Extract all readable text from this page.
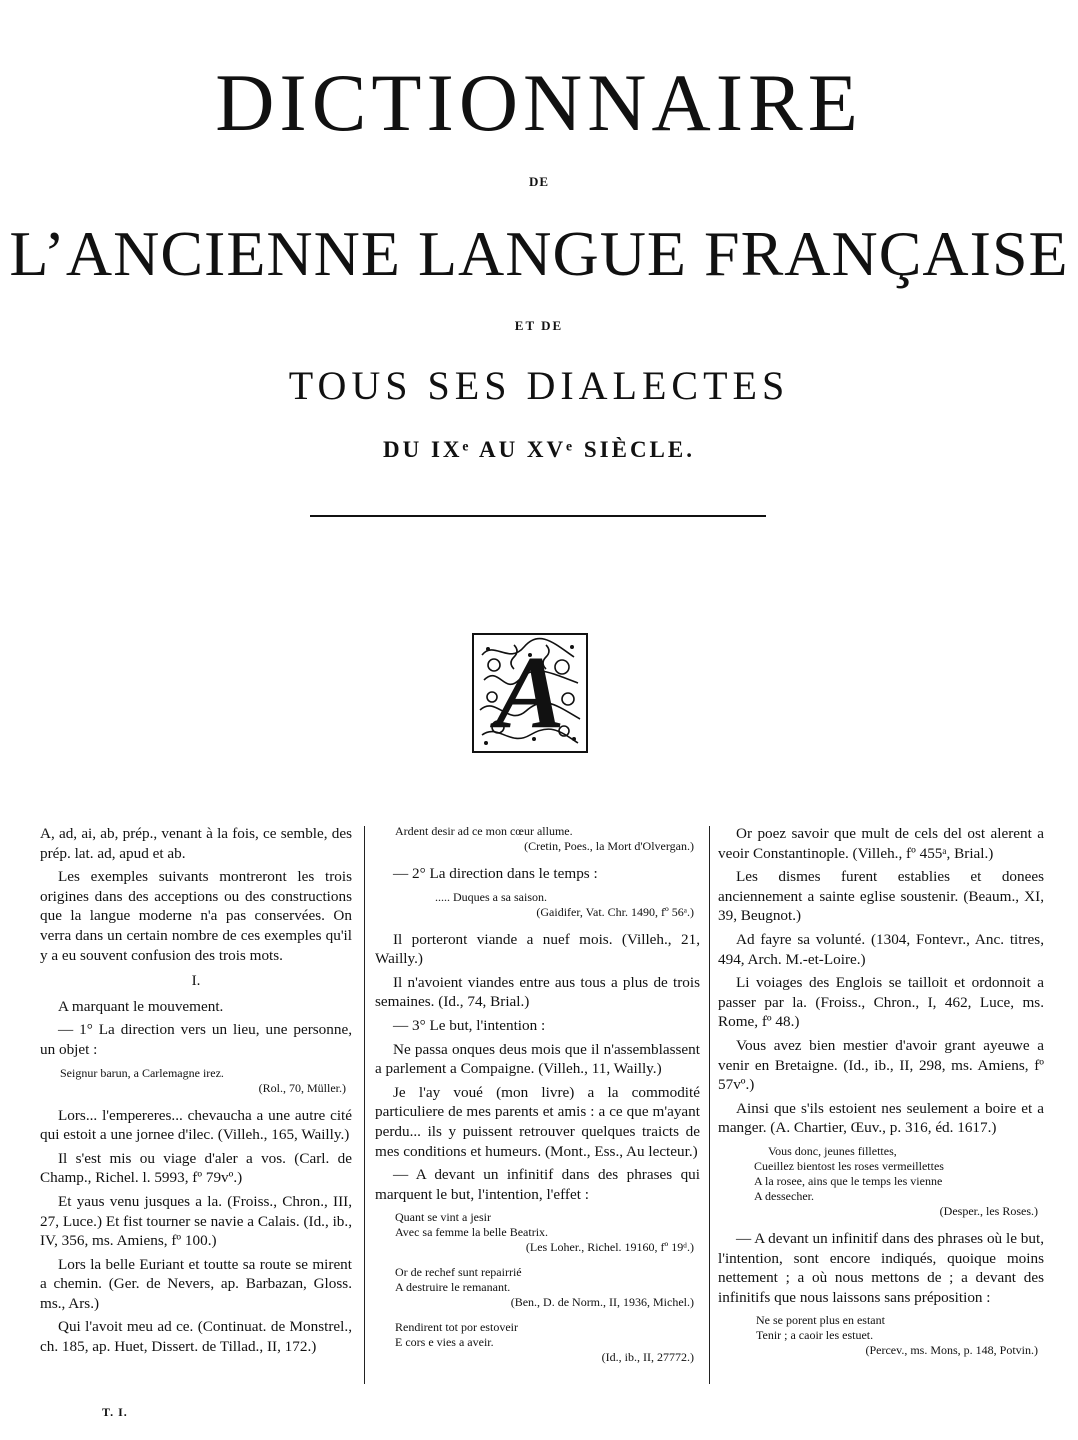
DICTIONNAIRE
DE
L’ANCIENNE LANGUE FRANÇAISE
ET DE
TOUS SES DIALECTES
DU IXᵉ AU XVᵉ SIÈCLE.
A

A, ad, ai, ab, prép., venant à la fois, ce semble, des prép. lat. ad, apud et ab.

Les exemples suivants montreront les trois origines dans des acceptions ou des constructions que la langue moderne n'a pas conservées. On verra dans un certain nombre de ces exemples qu'il y a eu souvent confusion des trois mots.

I.

A marquant le mouvement.

— 1° La direction vers un lieu, une personne, un objet :

Seignur barun, a Carlemagne irez.
(Rol., 70, Müller.)

Lors... l'empereres... chevaucha a une autre cité qui estoit a une jornee d'ilec. (Villeh., 165, Wailly.)

Il s'est mis ou viage d'aler a vos. (Carl. de Champ., Richel. l. 5993, fº 79vº.)

Et yaus venu jusques a la. (Froiss., Chron., III, 27, Luce.) Et fist tourner se navie a Calais. (Id., ib., IV, 356, ms. Amiens, fº 100.)

Lors la belle Euriant et toutte sa route se mirent a chemin. (Ger. de Nevers, ap. Barbazan, Gloss. ms., Ars.)

Qui l'avoit meu ad ce. (Continuat. de Monstrel., ch. 185, ap. Huet, Dissert. de Tillad., II, 172.)

T. I.
Ardent desir ad ce mon cœur allume.
(Cretin, Poes., la Mort d'Olvergan.)

— 2° La direction dans le temps :

..... Duques a sa saison.
(Gaidifer, Vat. Chr. 1490, fº 56ᵃ.)

Il porteront viande a nuef mois. (Villeh., 21, Wailly.)

Il n'avoient viandes entre aus tous a plus de trois semaines. (Id., 74, Brial.)

— 3° Le but, l'intention :

Ne passa onques deus mois que il n'assemblassent a parlement a Compaigne. (Villeh., 11, Wailly.)

Je l'ay voué (mon livre) a la commodité particuliere de mes parents et amis : a ce que m'ayant perdu... ils y puissent retrouver quelques traicts de mes conditions et humeurs. (Mont., Ess., Au lecteur.)

— A devant un infinitif dans des phrases qui marquent le but, l'intention, l'effet :

Quant se vint a jesir
Avec sa femme la belle Beatrix.
(Les Loher., Richel. 19160, fº 19ᵈ.)
Or de rechef sunt repairrié
A destruire le remanant.
(Ben., D. de Norm., II, 1936, Michel.)
Rendirent tot por estoveir
E cors e vies a aveir.
(Id., ib., II, 27772.)

Or poez savoir que mult de cels del ost alerent a veoir Constantinople. (Villeh., fº 455ᵃ, Brial.)

Les dismes furent establies et donees anciennement a sainte eglise soustenir. (Beaum., XI, 39, Beugnot.)

Ad fayre sa volunté. (1304, Fontevr., Anc. titres, 494, Arch. M.-et-Loire.)

Li voiages des Englois se tailloit et ordonnoit a passer par la. (Froiss., Chron., I, 462, Luce, ms. Rome, fº 48.)

Vous avez bien mestier d'avoir grant ayeuwe a venir en Bretaigne. (Id., ib., II, 298, ms. Amiens, fº 57vº.)

Ainsi que s'ils estoient nes seulement a boire et a manger. (A. Chartier, Œuv., p. 316, éd. 1617.)

Vous donc, jeunes fillettes,
Cueillez bientost les roses vermeillettes
A la rosee, ains que le temps les vienne
A dessecher.
(Desper., les Roses.)

— A devant un infinitif dans des phrases où le but, l'intention, sont encore indiqués, quoique moins nettement ; a où nous mettons de ; a devant des infinitifs que nous laissons sans préposition :

Ne se porent plus en estant
Tenir ; a caoir les estuet.
(Percev., ms. Mons, p. 148, Potvin.)
